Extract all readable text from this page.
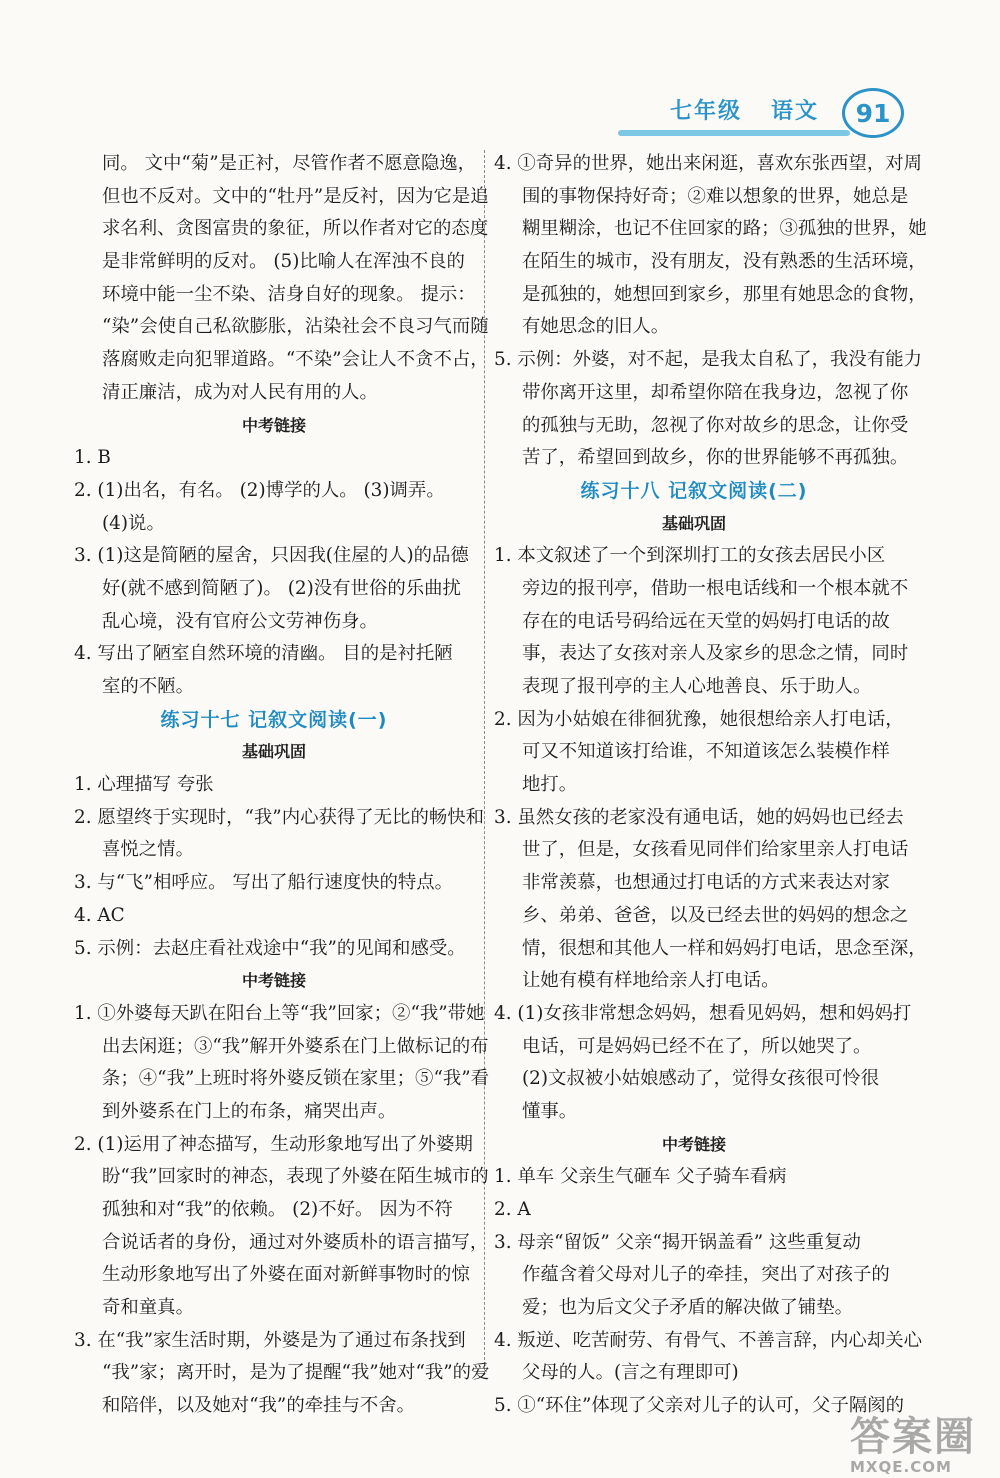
七年级   语文	91
同。 文中“菊”是正衬，尽管作者不愿意隐逸，
但也不反对。文中的“牡丹”是反衬，因为它是追
求名利、贪图富贵的象征，所以作者对它的态度
是非常鲜明的反对。 (5)比喻人在浑浊不良的
环境中能一尘不染、洁身自好的现象。 提示：
“染”会使自己私欲膨胀，沾染社会不良习气而随
落腐败走向犯罪道路。“不染”会让人不贪不占，
清正廉洁，成为对人民有用的人。
中考链接
1. B
2. (1)出名，有名。 (2)博学的人。 (3)调弄。
(4)说。
3. (1)这是简陋的屋舍，只因我(住屋的人)的品德
好(就不感到简陋了)。 (2)没有世俗的乐曲扰
乱心境，没有官府公文劳神伤身。
4. 写出了陋室自然环境的清幽。 目的是衬托陋
室的不陋。
练习十七 记叙文阅读(一)
基础巩固
1. 心理描写 夸张
2. 愿望终于实现时，“我”内心获得了无比的畅快和
喜悦之情。
3. 与“飞”相呼应。 写出了船行速度快的特点。
4. AC
5. 示例：去赵庄看社戏途中“我”的见闻和感受。
中考链接
1. ①外婆每天趴在阳台上等“我”回家；②“我”带她
出去闲逛；③“我”解开外婆系在门上做标记的布
条；④“我”上班时将外婆反锁在家里；⑤“我”看
到外婆系在门上的布条，痛哭出声。
2. (1)运用了神态描写，生动形象地写出了外婆期
盼“我”回家时的神态，表现了外婆在陌生城市的
孤独和对“我”的依赖。 (2)不好。 因为不符
合说话者的身份，通过对外婆质朴的语言描写，
生动形象地写出了外婆在面对新鲜事物时的惊
奇和童真。
3. 在“我”家生活时期，外婆是为了通过布条找到
“我”家；离开时，是为了提醒“我”她对“我”的爱
和陪伴，以及她对“我”的牵挂与不舍。
4. ①奇异的世界，她出来闲逛，喜欢东张西望，对周
围的事物保持好奇；②难以想象的世界，她总是
糊里糊涂，也记不住回家的路；③孤独的世界，她
在陌生的城市，没有朋友，没有熟悉的生活环境，
是孤独的，她想回到家乡，那里有她思念的食物，
有她思念的旧人。
5. 示例：外婆，对不起，是我太自私了，我没有能力
带你离开这里，却希望你陪在我身边，忽视了你
的孤独与无助，忽视了你对故乡的思念，让你受
苦了，希望回到故乡，你的世界能够不再孤独。
练习十八 记叙文阅读(二)
基础巩固
1. 本文叙述了一个到深圳打工的女孩去居民小区
旁边的报刊亭，借助一根电话线和一个根本就不
存在的电话号码给远在天堂的妈妈打电话的故
事，表达了女孩对亲人及家乡的思念之情，同时
表现了报刊亭的主人心地善良、乐于助人。
2. 因为小姑娘在徘徊犹豫，她很想给亲人打电话，
可又不知道该打给谁，不知道该怎么装模作样
地打。
3. 虽然女孩的老家没有通电话，她的妈妈也已经去
世了，但是，女孩看见同伴们给家里亲人打电话
非常羡慕，也想通过打电话的方式来表达对家
乡、弟弟、爸爸，以及已经去世的妈妈的想念之
情，很想和其他人一样和妈妈打电话，思念至深，
让她有模有样地给亲人打电话。
4. (1)女孩非常想念妈妈，想看见妈妈，想和妈妈打
电话，可是妈妈已经不在了，所以她哭了。
(2)文叔被小姑娘感动了，觉得女孩很可怜很
懂事。
中考链接
1. 单车 父亲生气砸车 父子骑车看病
2. A
3. 母亲“留饭” 父亲“揭开锅盖看” 这些重复动
作蕴含着父母对儿子的牵挂，突出了对孩子的
爱；也为后文父子矛盾的解决做了铺垫。
4. 叛逆、吃苦耐劳、有骨气、不善言辞，内心却关心
父母的人。(言之有理即可)
5. ①“环住”体现了父亲对儿子的认可，父子隔阂的
答案圈
MXQE.COM
